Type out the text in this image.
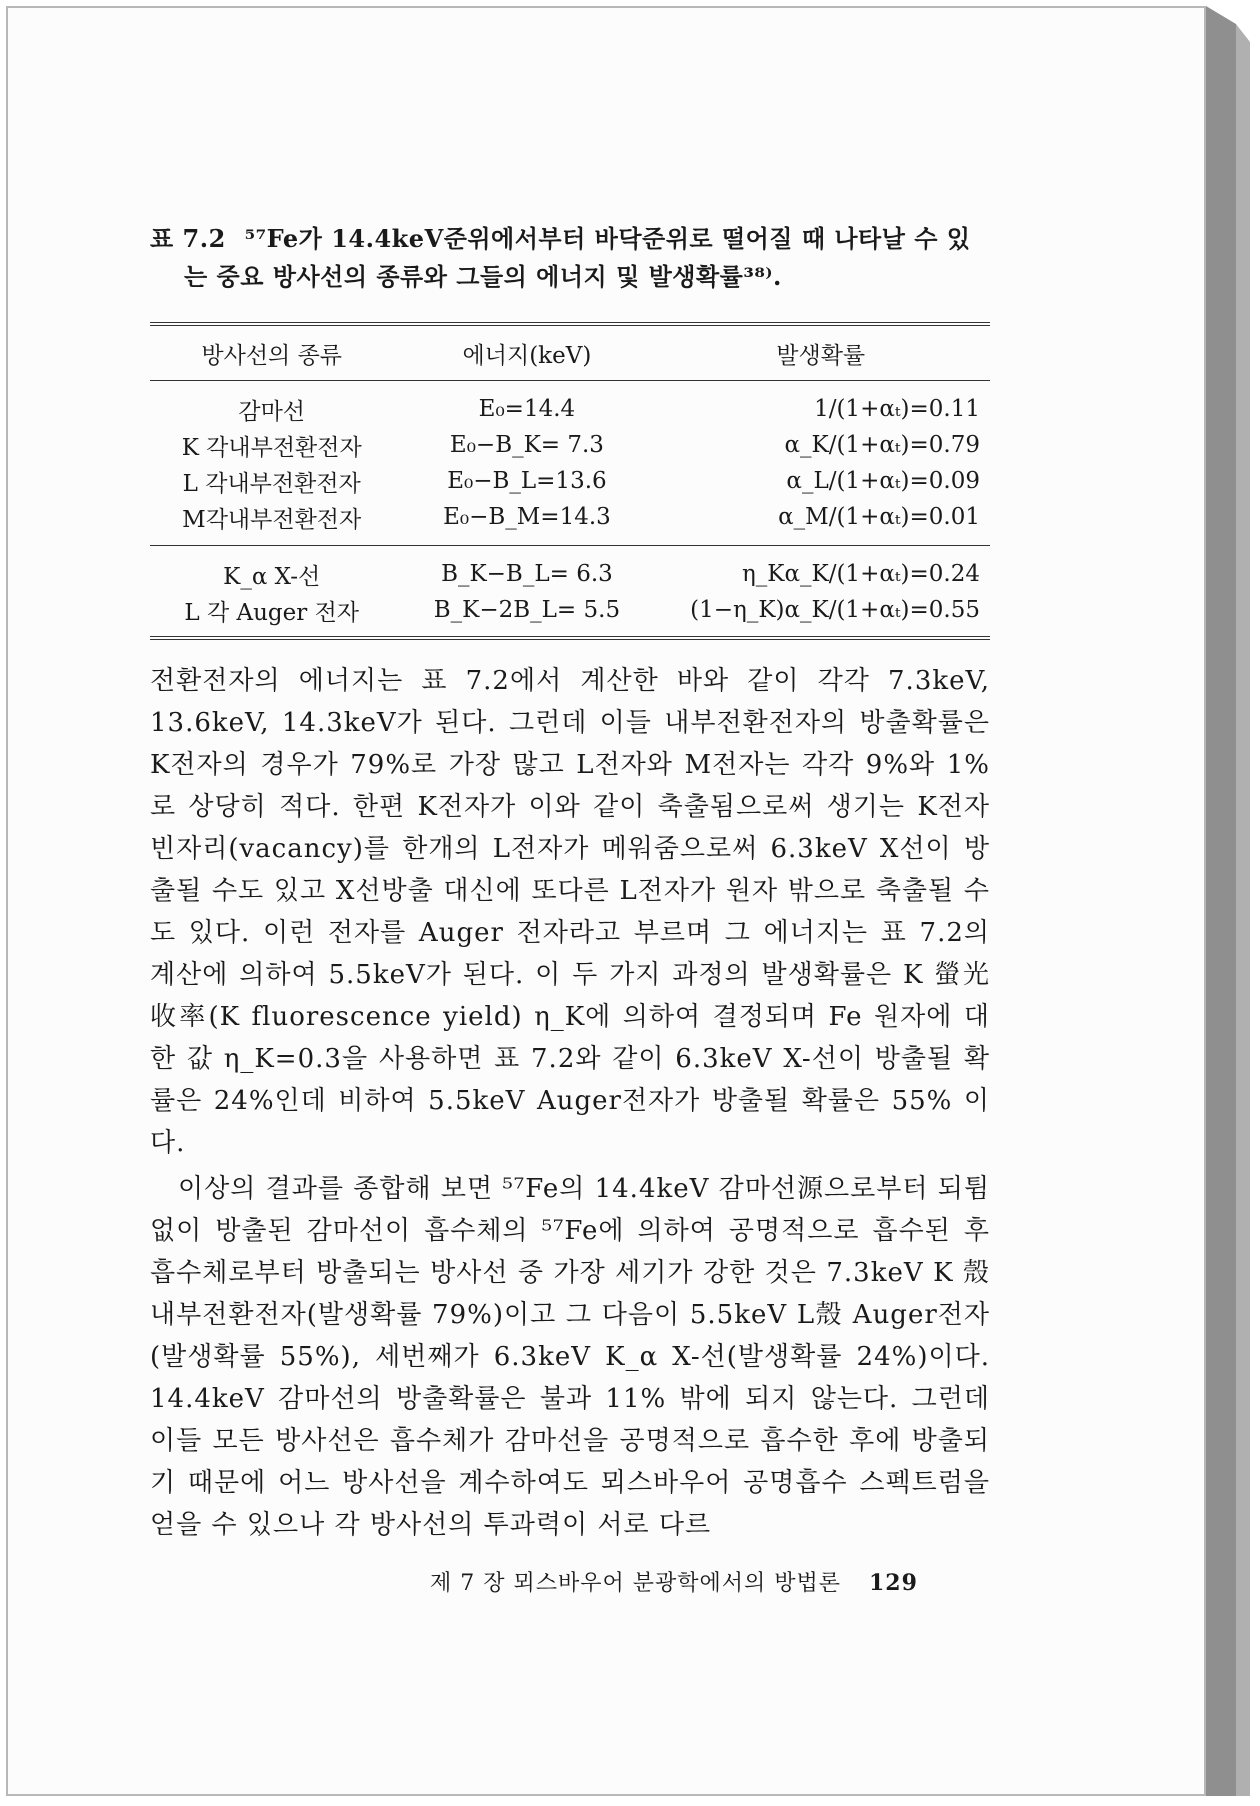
표 7.2 ⁵⁷Fe가 14.4keV준위에서부터 바닥준위로 떨어질 때 나타날 수 있
는 중요 방사선의 종류와 그들의 에너지 및 발생확률³⁸⁾.
방사선의 종류	에너지(keV)	발생확률
감마선	E₀=14.4	1/(1+αₜ)=0.11
K 각내부전환전자	E₀−B_K= 7.3	α_K/(1+αₜ)=0.79
L 각내부전환전자	E₀−B_L=13.6	α_L/(1+αₜ)=0.09
M각내부전환전자	E₀−B_M=14.3	α_M/(1+αₜ)=0.01
K_α X-선	B_K−B_L= 6.3	η_Kα_K/(1+αₜ)=0.24
L 각 Auger 전자	B_K−2B_L= 5.5	(1−η_K)α_K/(1+αₜ)=0.55

전환전자의 에너지는 표 7.2에서 계산한 바와 같이 각각 7.3keV, 13.6keV, 14.3keV가 된다. 그런데 이들 내부전환전자의 방출확률은 K전자의 경우가 79%로 가장 많고 L전자와 M전자는 각각 9%와 1%로 상당히 적다. 한편 K전자가 이와 같이 축출됨으로써 생기는 K전자 빈자리(vacancy)를 한개의 L전자가 메워줌으로써 6.3keV X선이 방출될 수도 있고 X선방출 대신에 또다른 L전자가 원자 밖으로 축출될 수도 있다. 이런 전자를 Auger 전자라고 부르며 그 에너지는 표 7.2의 계산에 의하여 5.5keV가 된다. 이 두 가지 과정의 발생확률은 K 螢光收率(K fluorescence yield) η_K에 의하여 결정되며 Fe 원자에 대한 값 η_K=0.3을 사용하면 표 7.2와 같이 6.3keV X-선이 방출될 확률은 24%인데 비하여 5.5keV Auger전자가 방출될 확률은 55% 이다.

이상의 결과를 종합해 보면 ⁵⁷Fe의 14.4keV 감마선源으로부터 되튐없이 방출된 감마선이 흡수체의 ⁵⁷Fe에 의하여 공명적으로 흡수된 후 흡수체로부터 방출되는 방사선 중 가장 세기가 강한 것은 7.3keV K 殼내부전환전자(발생확률 79%)이고 그 다음이 5.5keV L殼 Auger전자(발생확률 55%), 세번째가 6.3keV K_α X-선(발생확률 24%)이다. 14.4keV 감마선의 방출확률은 불과 11% 밖에 되지 않는다. 그런데 이들 모든 방사선은 흡수체가 감마선을 공명적으로 흡수한 후에 방출되기 때문에 어느 방사선을 계수하여도 뫼스바우어 공명흡수 스펙트럼을 얻을 수 있으나 각 방사선의 투과력이 서로 다르

제 7 장 뫼스바우어 분광학에서의 방법론 129
